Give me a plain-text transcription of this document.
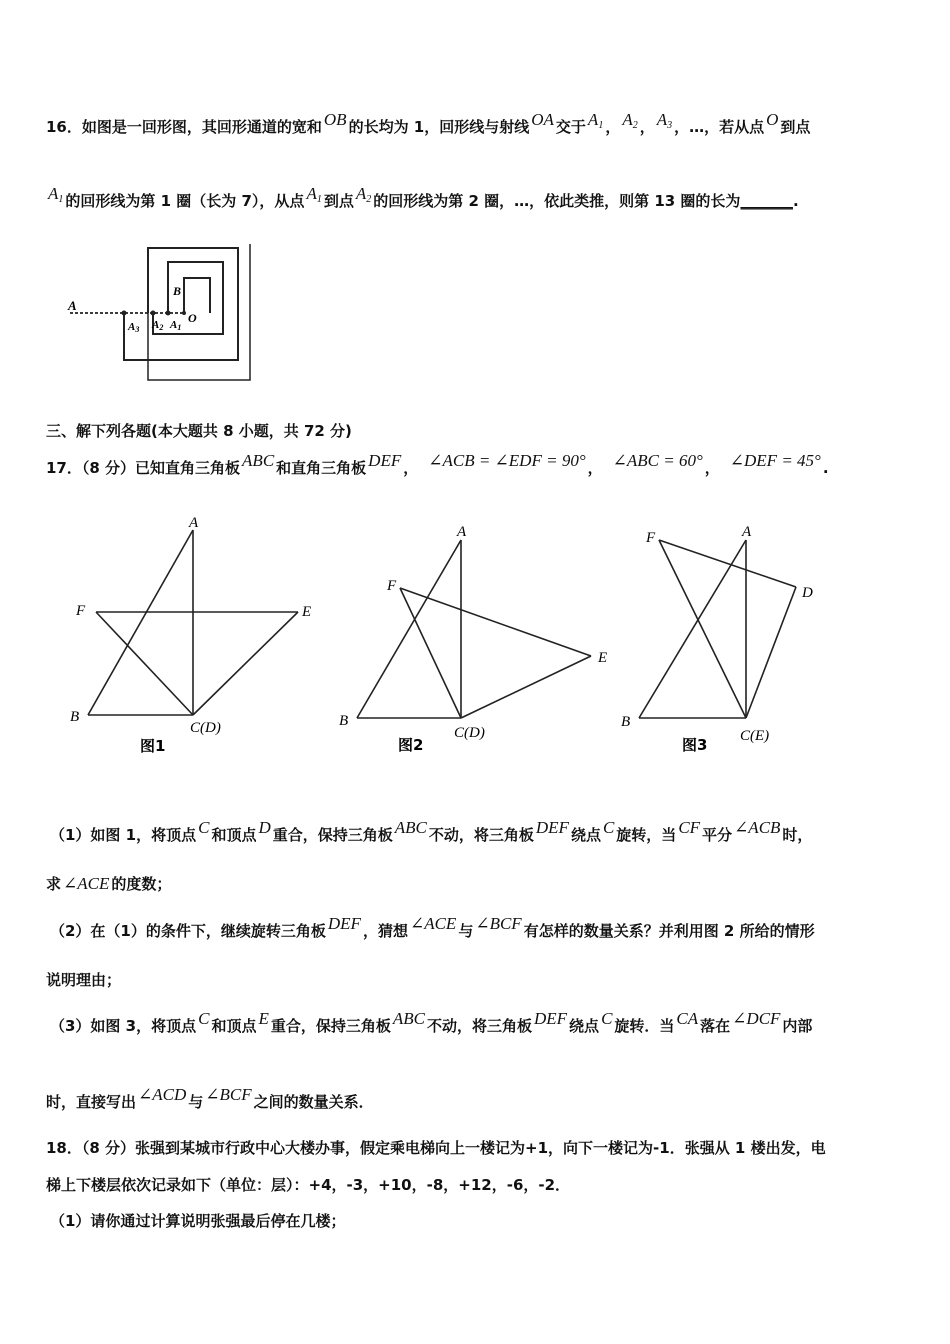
16．如图是一回形图，其回形通道的宽和 OB 的长均为 1，回形线与射线 OA 交于 A1 ， A2 ， A3 ，…，若从点 O 到点
A1 的回形线为第 1 圈（长为 7），从点 A1 到点 A2 的回形线为第 2 圈，…，依此类推，则第 13 圈的长为_______.
A
B
O
A3 A2 A1
三、解下列各题(本大题共 8 小题，共 72 分)
17．（8 分）已知直角三角板 ABC 和直角三角板 DEF ， ∠ACB = ∠EDF = 90° ， ∠ABC = 60° ， ∠DEF = 45° .
A
F	E
B
C(D)
图1
A
F
E
B
C(D)
图2
F	A
D
B
C(E)
图3
（1）如图 1，将顶点 C 和顶点 D 重合，保持三角板 ABC 不动，将三角板 DEF 绕点 C 旋转，当 CF 平分 ∠ACB 时，
求 ∠ACE 的度数；
（2）在（1）的条件下，继续旋转三角板 DEF ，猜想 ∠ACE 与 ∠BCF 有怎样的数量关系？并利用图 2 所给的情形
说明理由；
（3）如图 3，将顶点 C 和顶点 E 重合，保持三角板 ABC 不动，将三角板 DEF 绕点 C 旋转．当 CA 落在 ∠DCF 内部
时，直接写出 ∠ACD 与 ∠BCF 之间的数量关系．
18．（8 分）张强到某城市行政中心大楼办事，假定乘电梯向上一楼记为+1，向下一楼记为-1．张强从 1 楼出发，电
梯上下楼层依次记录如下（单位：层）：+4，-3，+10，-8，+12，-6，-2．
（1）请你通过计算说明张强最后停在几楼；
